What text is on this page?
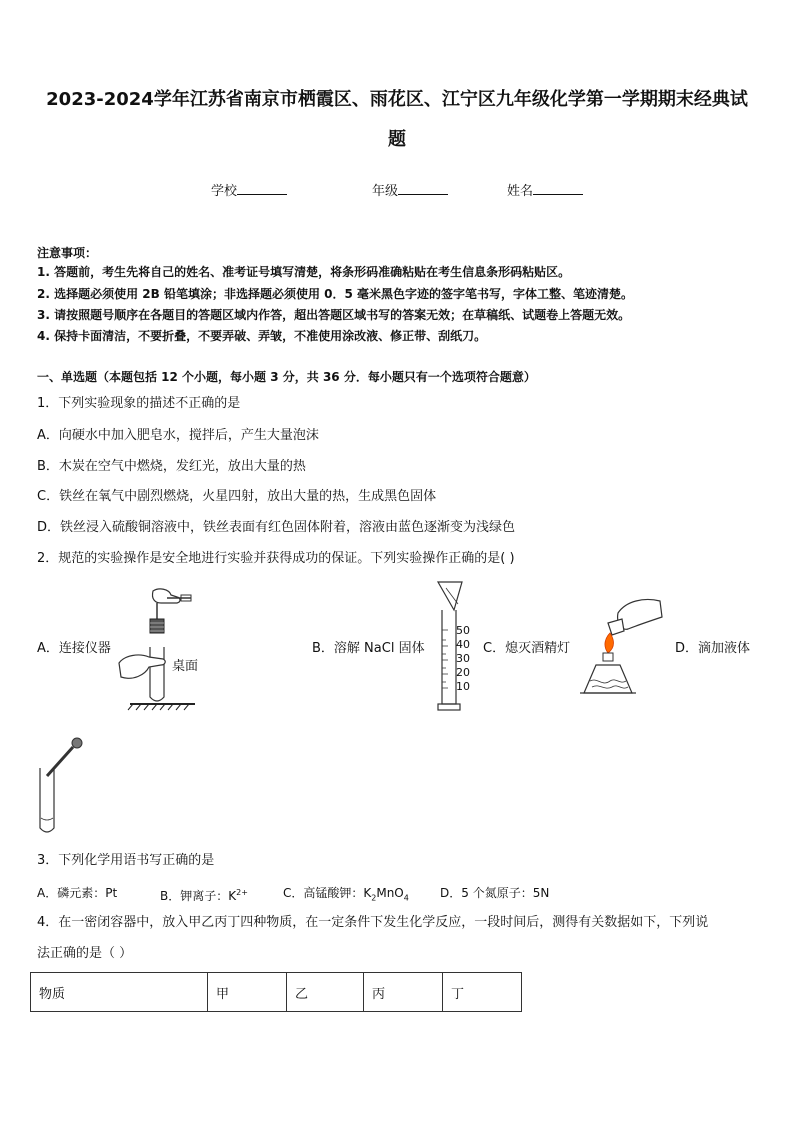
2023-2024学年江苏省南京市栖霞区、雨花区、江宁区九年级化学第一学期期末经典试
题
学校	年级	姓名
注意事项：
1. 答题前，考生先将自己的姓名、准考证号填写清楚，将条形码准确粘贴在考生信息条形码粘贴区。
2. 选择题必须使用 2B 铅笔填涂；非选择题必须使用 0．5 毫米黑色字迹的签字笔书写，字体工整、笔迹清楚。
3. 请按照题号顺序在各题目的答题区域内作答，超出答题区域书写的答案无效；在草稿纸、试题卷上答题无效。
4. 保持卡面清洁，不要折叠，不要弄破、弄皱，不准使用涂改液、修正带、刮纸刀。
一、单选题（本题包括 12 个小题，每小题 3 分，共 36 分．每小题只有一个选项符合题意）
1．下列实验现象的描述不正确的是
A．向硬水中加入肥皂水，搅拌后，产生大量泡沫
B．木炭在空气中燃烧，发红光，放出大量的热
C．铁丝在氧气中剧烈燃烧，火星四射，放出大量的热，生成黑色固体
D．铁丝浸入硫酸铜溶液中，铁丝表面有红色固体附着，溶液由蓝色逐渐变为浅绿色
2．规范的实验操作是安全地进行实验并获得成功的保证。下列实验操作正确的是( )
A．连接仪器
桌面
B．溶解 NaCl 固体
50
40
30
20
10
C．熄灭酒精灯	D．滴加液体
3．下列化学用语书写正确的是
A．磷元素：Pt	B．钾离子：$K^{2+}$	C．高锰酸钾：$K_2MnO_4$	D．5 个氮原子：5N
4．在一密闭容器中，放入甲乙丙丁四种物质，在一定条件下发生化学反应，一段时间后，测得有关数据如下，下列说
法正确的是（ ）
物质	甲	乙	丙	丁
